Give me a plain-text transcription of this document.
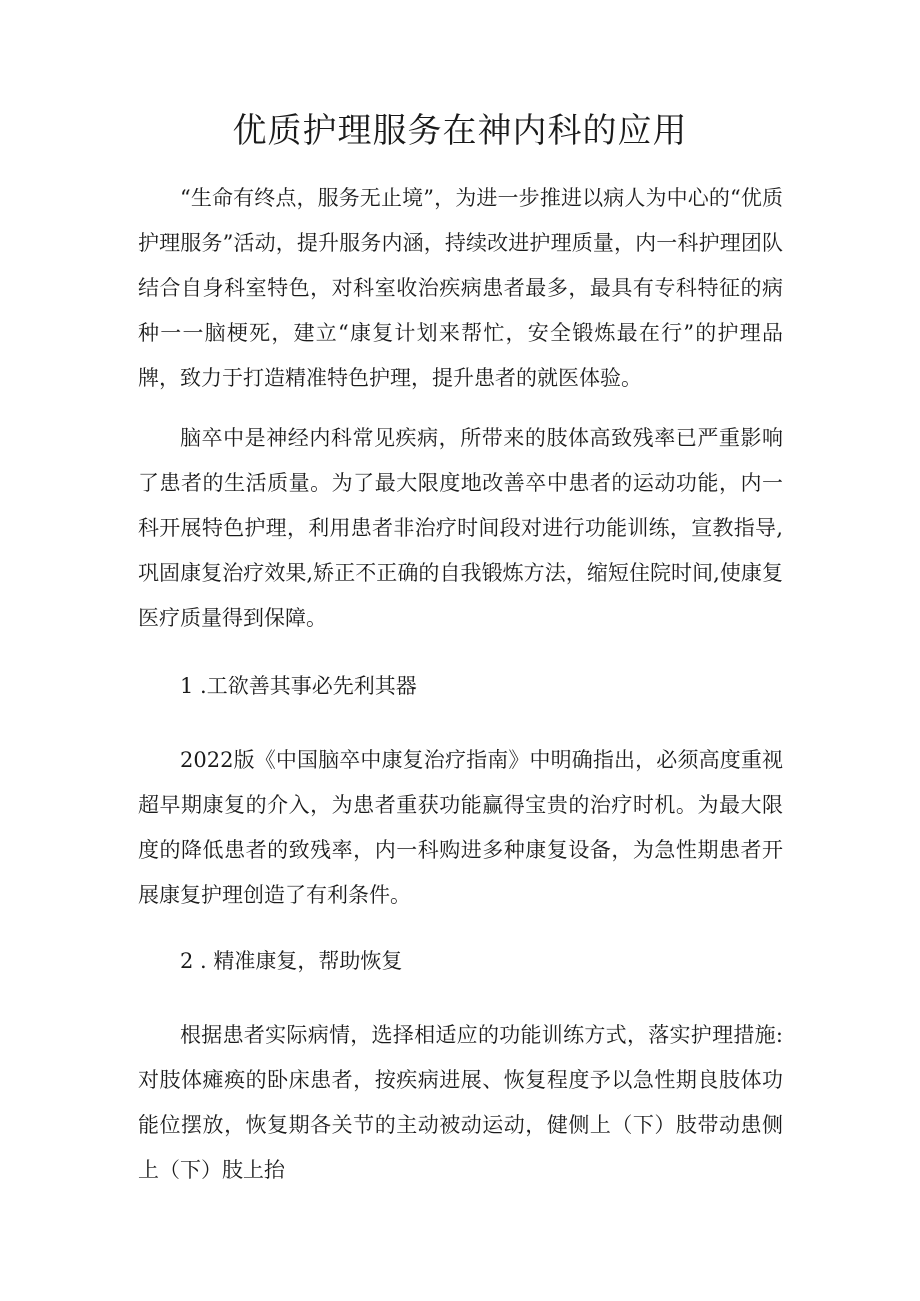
优质护理服务在神内科的应用

“生命有终点，服务无止境”，为进一步推进以病人为中心的“优质护理服务”活动，提升服务内涵，持续改进护理质量，内一科护理团队结合自身科室特色，对科室收治疾病患者最多，最具有专科特征的病种一一脑梗死，建立“康复计划来帮忙，安全锻炼最在行”的护理品牌，致力于打造精准特色护理，提升患者的就医体验。

脑卒中是神经内科常见疾病，所带来的肢体高致残率已严重影响了患者的生活质量。为了最大限度地改善卒中患者的运动功能，内一科开展特色护理，利用患者非治疗时间段对进行功能训练，宣教指导,巩固康复治疗效果,矫正不正确的自我锻炼方法，缩短住院时间,使康复医疗质量得到保障。

1 .工欲善其事必先利其器

2022版《中国脑卒中康复治疗指南》中明确指出，必须高度重视超早期康复的介入，为患者重获功能赢得宝贵的治疗时机。为最大限度的降低患者的致残率，内一科购进多种康复设备，为急性期患者开展康复护理创造了有利条件。

2 . 精准康复，帮助恢复

根据患者实际病情，选择相适应的功能训练方式，落实护理措施:对肢体瘫痪的卧床患者，按疾病进展、恢复程度予以急性期良肢体功能位摆放，恢复期各关节的主动被动运动，健侧上（下）肢带动患侧上（下）肢上抬
